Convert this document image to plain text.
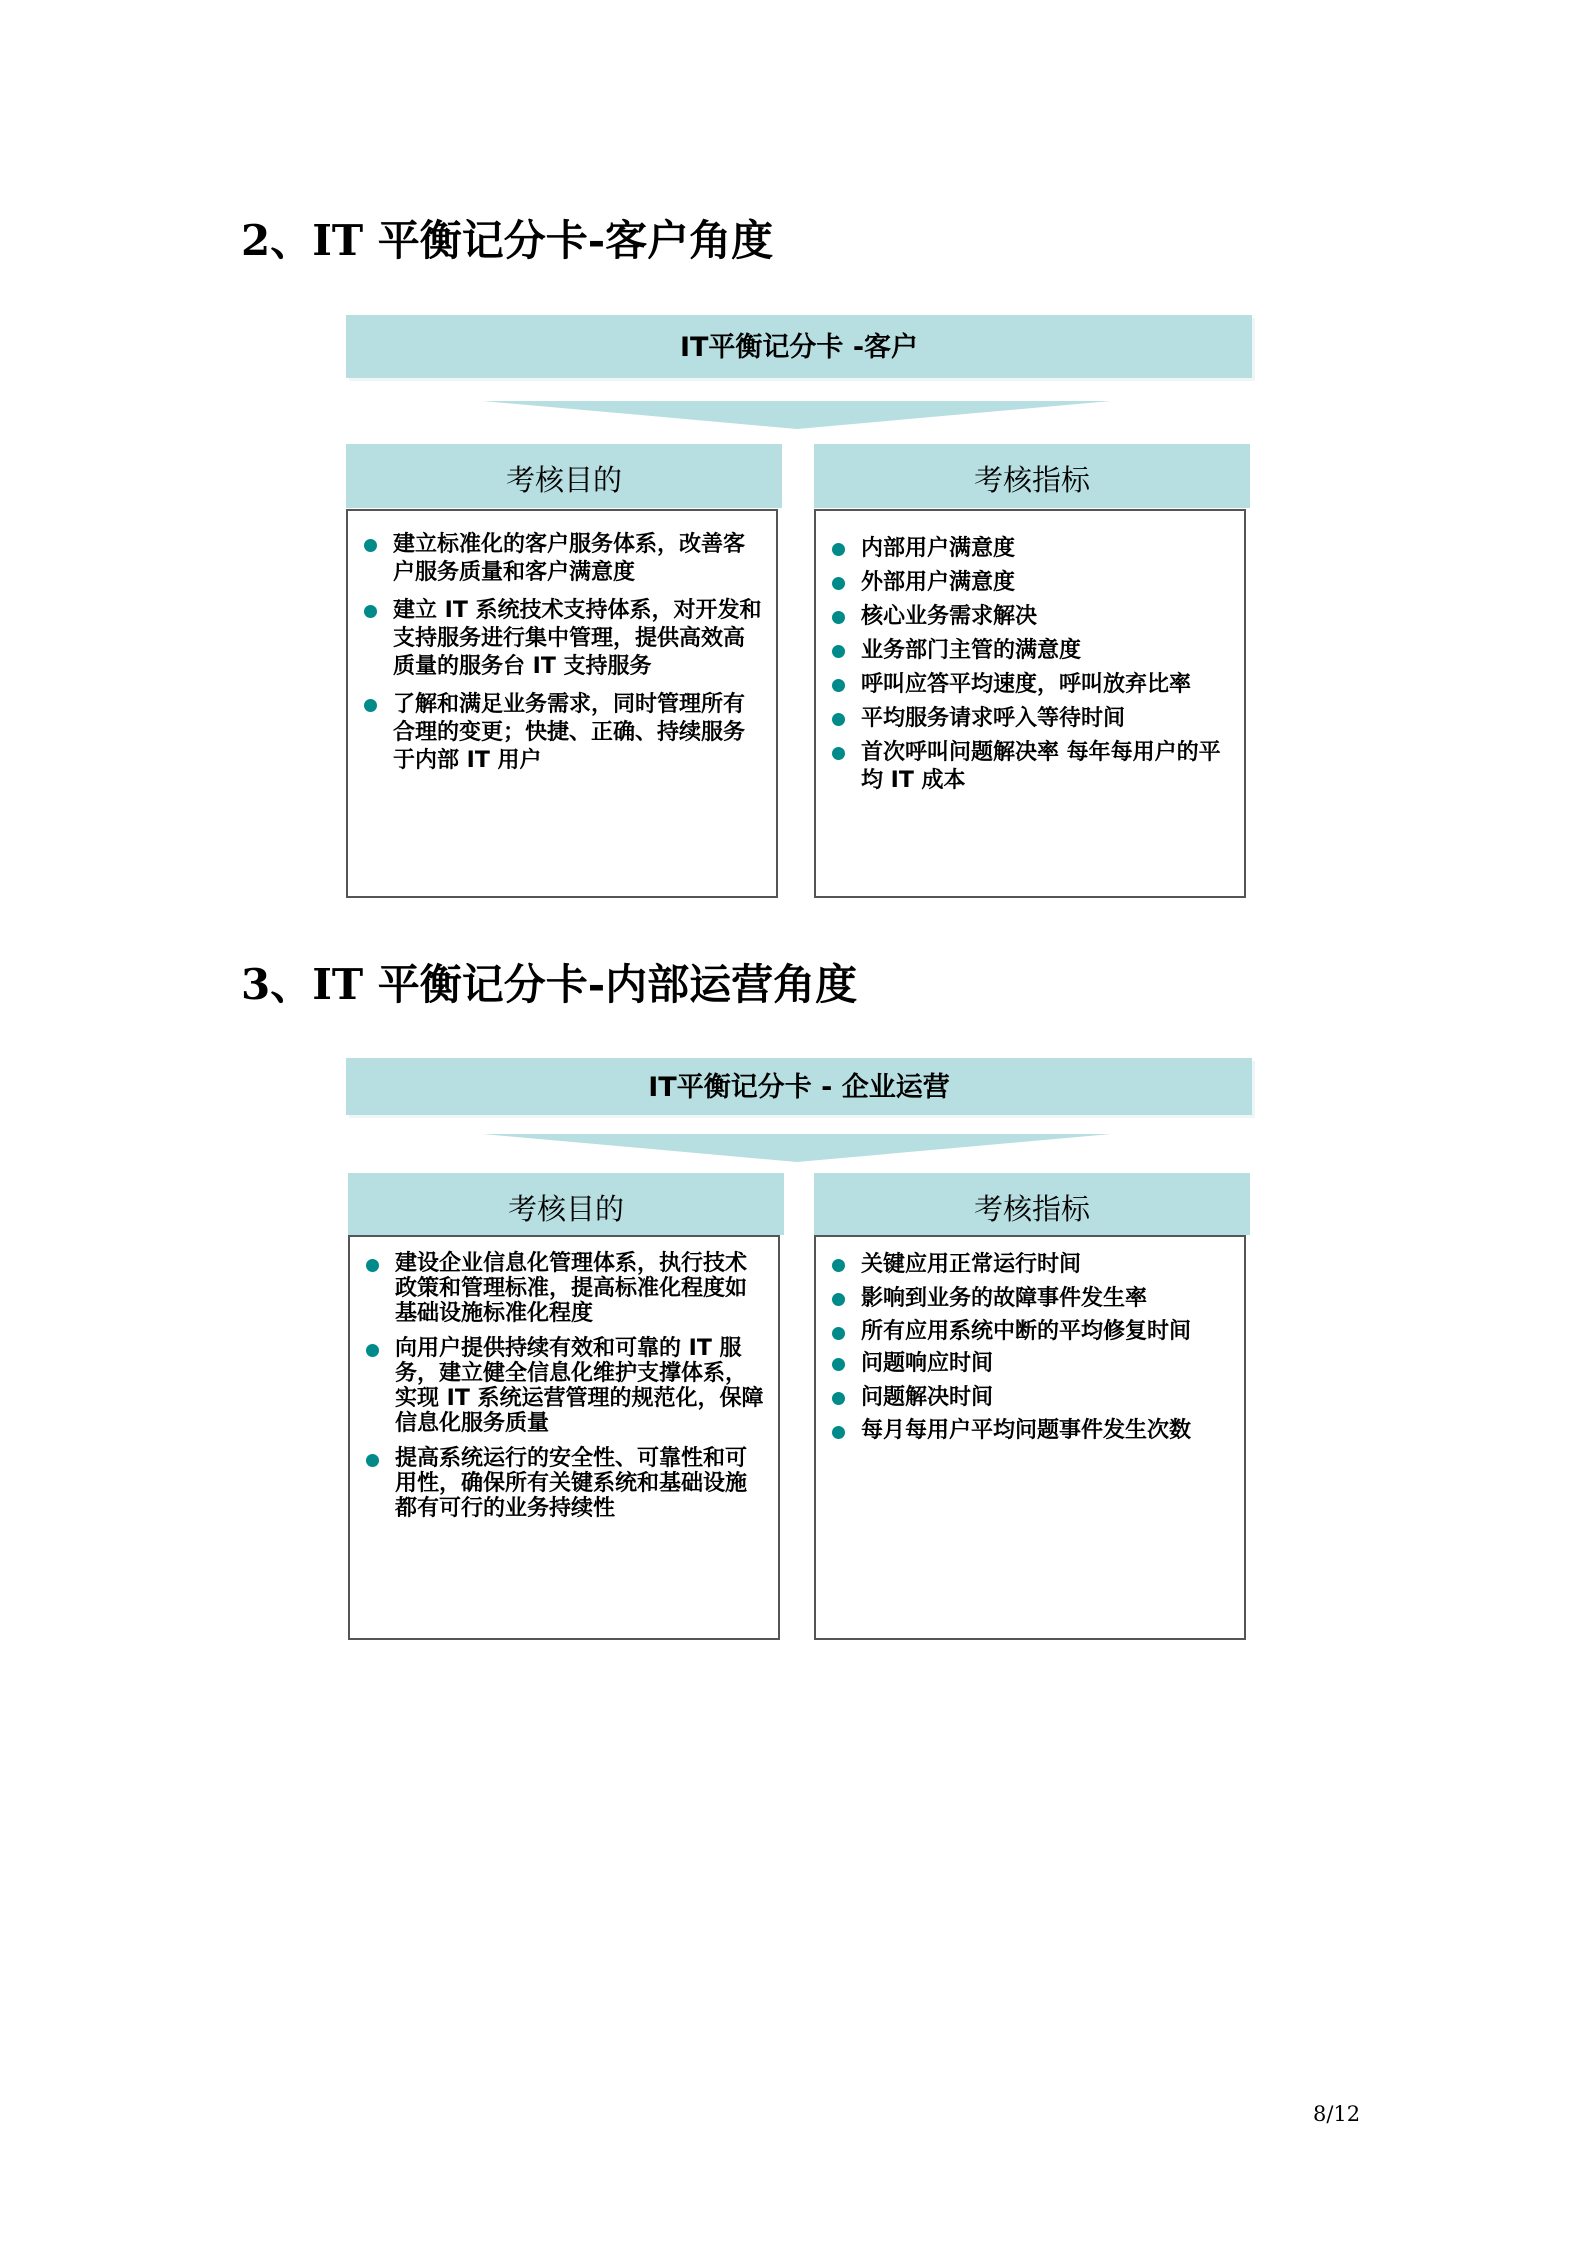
2、IT 平衡记分卡-客户角度
IT平衡记分卡 -客户
考核目的	考核指标
建立标准化的客户服务体系，改善客户服务质量和客户满意度
建立 IT 系统技术支持体系，对开发和支持服务进行集中管理，提供高效高质量的服务台 IT 支持服务
了解和满足业务需求，同时管理所有合理的变更；快捷、正确、持续服务于内部 IT 用户
内部用户满意度
外部用户满意度
核心业务需求解决
业务部门主管的满意度
呼叫应答平均速度，呼叫放弃比率
平均服务请求呼入等待时间
首次呼叫问题解决率 每年每用户的平均 IT 成本
3、IT 平衡记分卡-内部运营角度
IT平衡记分卡 - 企业运营
考核目的	考核指标
建设企业信息化管理体系，执行技术政策和管理标准，提高标准化程度如基础设施标准化程度
向用户提供持续有效和可靠的 IT 服务，建立健全信息化维护支撑体系，实现 IT 系统运营管理的规范化，保障信息化服务质量
提高系统运行的安全性、可靠性和可用性，确保所有关键系统和基础设施都有可行的业务持续性
关键应用正常运行时间
影响到业务的故障事件发生率
所有应用系统中断的平均修复时间
问题响应时间
问题解决时间
每月每用户平均问题事件发生次数
8/12
